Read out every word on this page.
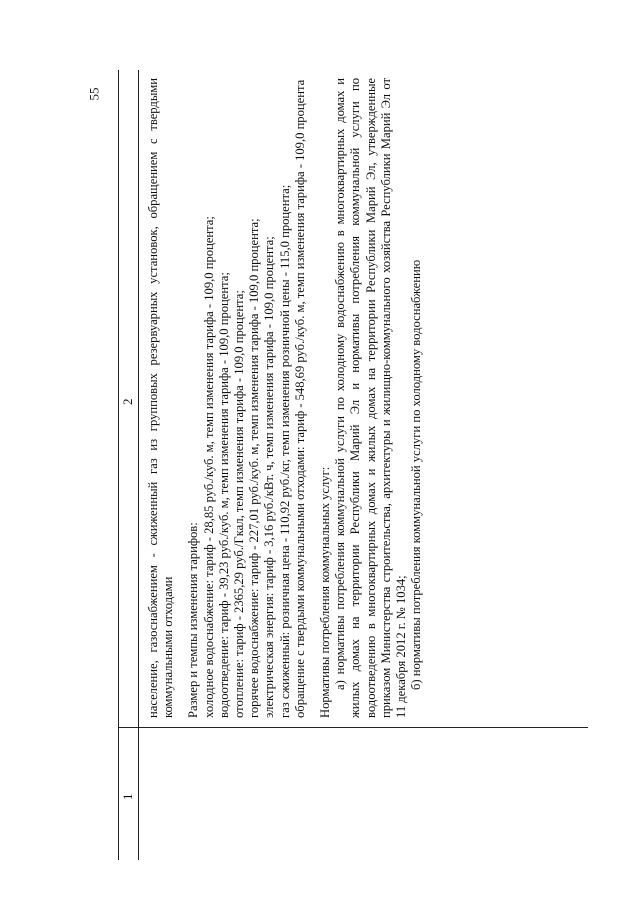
55
1
2 население, газоснабжением - сжиженный газ из групповых резервуарных установок, обращением с твердыми коммунальными отходами Размер и темпы изменения тарифов: холодное водоснабжение: тариф - 28,85 руб./куб. м, темп изменения тарифа - 109,0 процента; водоотведение: тариф - 39,23 руб./куб. м, темп изменения тарифа - 109,0 процента; отопление: тариф - 2365,29 руб./Гкал, темп изменения тарифа - 109,0 процента; горячее водоснабжение: тариф - 227,01 руб./куб. м, темп изменения тарифа - 109,0 процента; электрическая энергия: тариф - 3,16 руб./кВт. ч, темп изменения тарифа - 109,0 процента; газ сжиженный: розничная цена - 110,92 руб./кг, темп изменения розничной цены - 115,0 процента; обращение с твердыми коммунальными отходами: тариф - 548,69 руб./куб. м, темп изменения тарифа - 109,0 процента Нормативы потребления коммунальных услуг: а) нормативы потребления коммунальной услуги по холодному водоснабжению в многоквартирных домах и жилых домах на территории Республики Марий Эл и нормативы потребления коммунальной услуги по водоотведению в многоквартирных домах и жилых домах на территории Республики Марий Эл, утвержденные приказом Министерства строительства, архитектуры и жилищно-коммунального хозяйства Республики Марий Эл от 11 декабря 2012 г. № 1034; б) нормативы потребления коммунальной услуги по холодному водоснабжению
